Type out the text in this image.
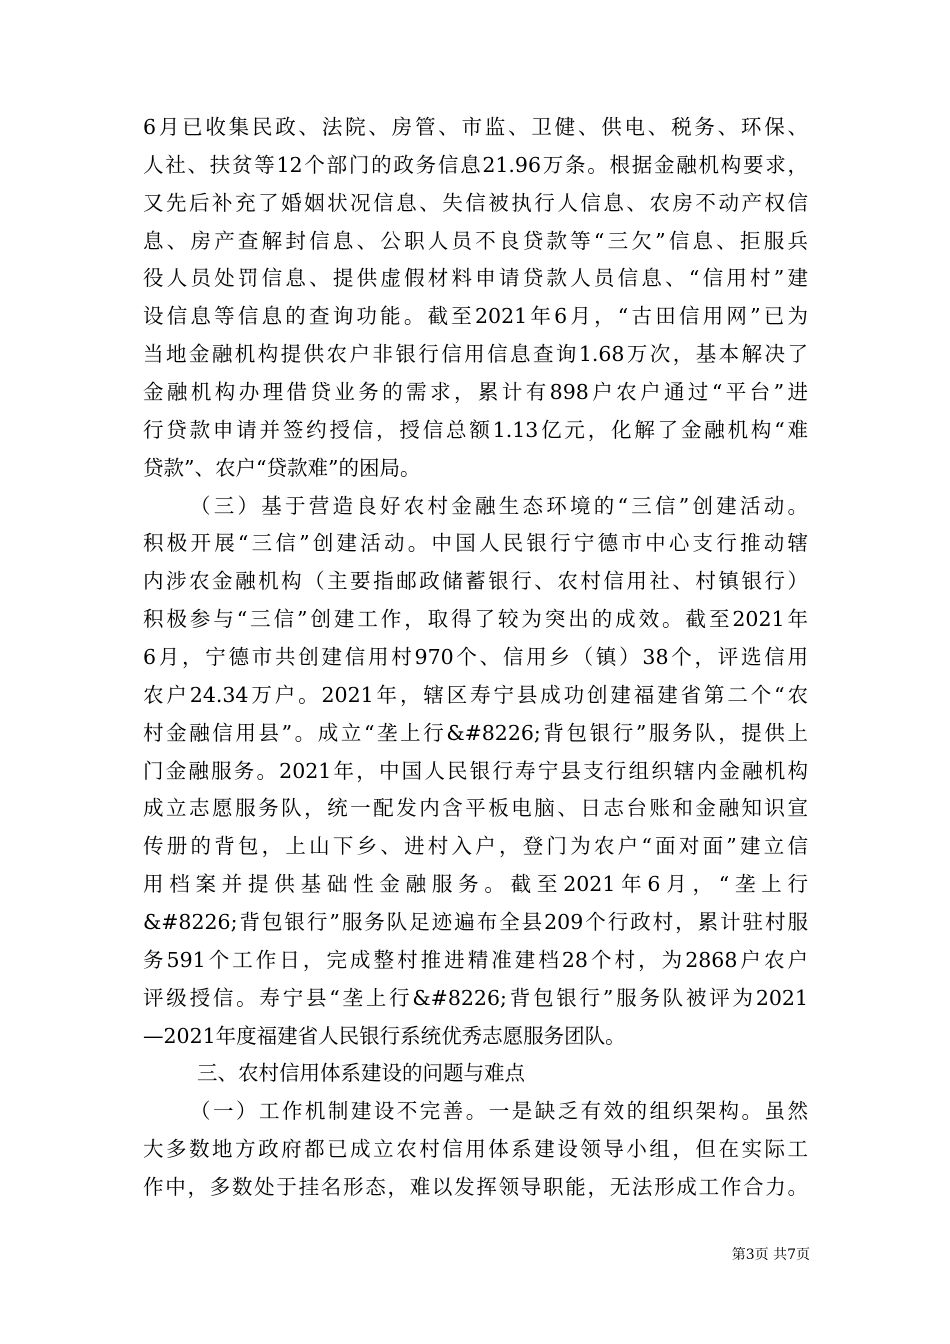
6月已收集民政、法院、房管、市监、卫健、供电、税务、环保、
人社、扶贫等12个部门的政务信息21.96万条。根据金融机构要求，
又先后补充了婚姻状况信息、失信被执行人信息、农房不动产权信
息、房产查解封信息、公职人员不良贷款等“三欠”信息、拒服兵
役人员处罚信息、提供虚假材料申请贷款人员信息、“信用村”建
设信息等信息的查询功能。截至2021年6月，“古田信用网”已为
当地金融机构提供农户非银行信用信息查询1.68万次，基本解决了
金融机构办理借贷业务的需求，累计有898户农户通过“平台”进
行贷款申请并签约授信，授信总额1.13亿元，化解了金融机构“难
贷款”、农户“贷款难”的困局。
（三）基于营造良好农村金融生态环境的“三信”创建活动。
积极开展“三信”创建活动。中国人民银行宁德市中心支行推动辖
内涉农金融机构（主要指邮政储蓄银行、农村信用社、村镇银行）
积极参与“三信”创建工作，取得了较为突出的成效。截至2021年
6月，宁德市共创建信用村970个、信用乡（镇）38个，评选信用
农户24.34万户。2021年，辖区寿宁县成功创建福建省第二个“农
村金融信用县”。成立“垄上行&#8226;背包银行”服务队，提供上
门金融服务。2021年，中国人民银行寿宁县支行组织辖内金融机构
成立志愿服务队，统一配发内含平板电脑、日志台账和金融知识宣
传册的背包，上山下乡、进村入户，登门为农户“面对面”建立信
用档案并提供基础性金融服务。截至2021年6月，“垄上行
&#8226;背包银行”服务队足迹遍布全县209个行政村，累计驻村服
务591个工作日，完成整村推进精准建档28个村，为2868户农户
评级授信。寿宁县“垄上行&#8226;背包银行”服务队被评为2021
—2021年度福建省人民银行系统优秀志愿服务团队。
三、农村信用体系建设的问题与难点
（一）工作机制建设不完善。一是缺乏有效的组织架构。虽然
大多数地方政府都已成立农村信用体系建设领导小组，但在实际工
作中，多数处于挂名形态，难以发挥领导职能，无法形成工作合力。
第3页 共7页
